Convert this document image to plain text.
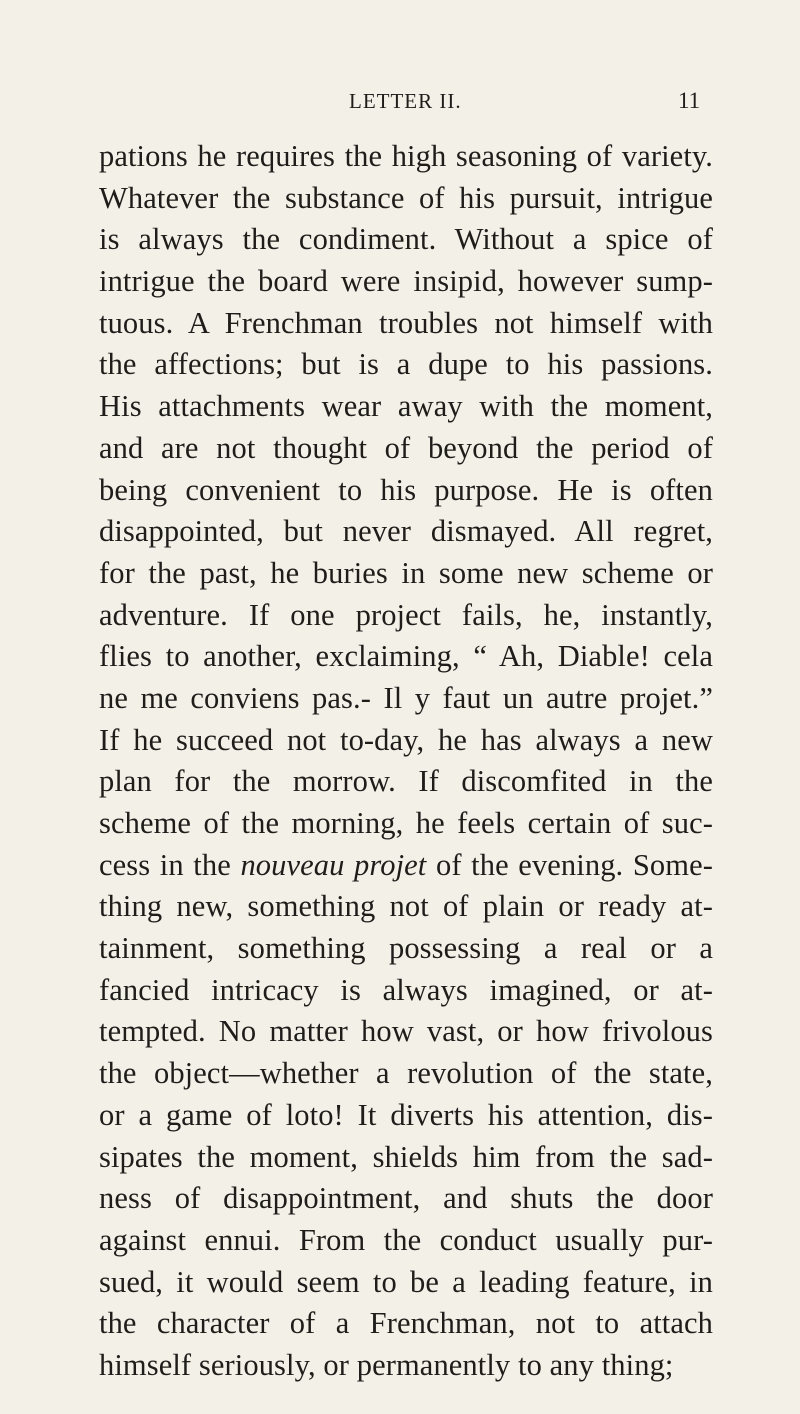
LETTER II.	11
pations he requires the high seasoning of variety.
Whatever the substance of his pursuit, intrigue
is always the condiment. Without a spice of
intrigue the board were insipid, however sump-
tuous. A Frenchman troubles not himself with
the affections; but is a dupe to his passions.
His attachments wear away with the moment,
and are not thought of beyond the period of
being convenient to his purpose. He is often
disappointed, but never dismayed. All regret,
for the past, he buries in some new scheme or
adventure. If one project fails, he, instantly,
flies to another, exclaiming, “ Ah, Diable! cela
ne me conviens pas.- Il y faut un autre projet.”
If he succeed not to-day, he has always a new
plan for the morrow. If discomfited in the
scheme of the morning, he feels certain of suc-
cess in the nouveau projet of the evening. Some-
thing new, something not of plain or ready at-
tainment, something possessing a real or a
fancied intricacy is always imagined, or at-
tempted. No matter how vast, or how frivolous
the object—whether a revolution of the state,
or a game of loto! It diverts his attention, dis-
sipates the moment, shields him from the sad-
ness of disappointment, and shuts the door
against ennui. From the conduct usually pur-
sued, it would seem to be a leading feature, in
the character of a Frenchman, not to attach
himself seriously, or permanently to any thing;
